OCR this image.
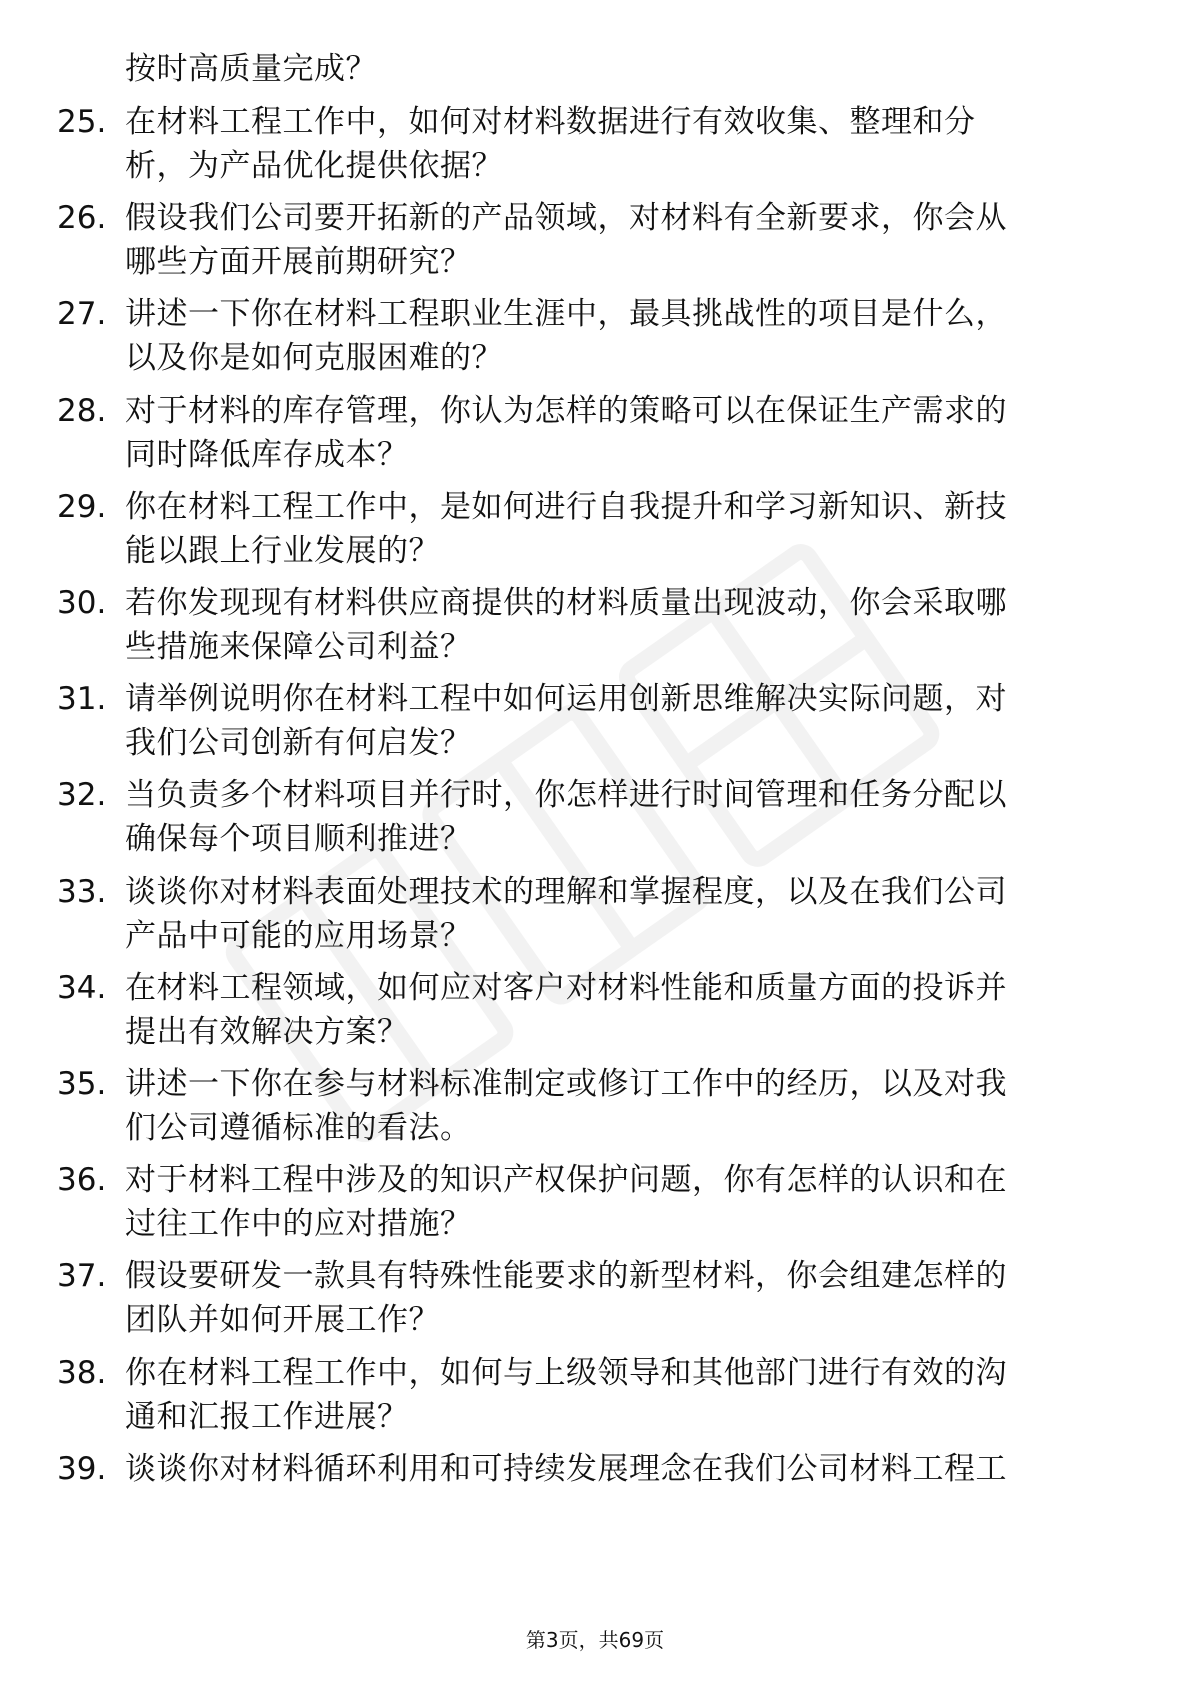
按时高质量完成？
25. 在材料工程工作中，如何对材料数据进行有效收集、整理和分
析，为产品优化提供依据？
26. 假设我们公司要开拓新的产品领域，对材料有全新要求，你会从
哪些方面开展前期研究？
27. 讲述一下你在材料工程职业生涯中，最具挑战性的项目是什么，
以及你是如何克服困难的？
28. 对于材料的库存管理，你认为怎样的策略可以在保证生产需求的
同时降低库存成本？
29. 你在材料工程工作中，是如何进行自我提升和学习新知识、新技
能以跟上行业发展的？
30. 若你发现现有材料供应商提供的材料质量出现波动，你会采取哪
些措施来保障公司利益？
31. 请举例说明你在材料工程中如何运用创新思维解决实际问题，对
我们公司创新有何启发？
32. 当负责多个材料项目并行时，你怎样进行时间管理和任务分配以
确保每个项目顺利推进？
33. 谈谈你对材料表面处理技术的理解和掌握程度，以及在我们公司
产品中可能的应用场景？
34. 在材料工程领域，如何应对客户对材料性能和质量方面的投诉并
提出有效解决方案？
35. 讲述一下你在参与材料标准制定或修订工作中的经历，以及对我
们公司遵循标准的看法。
36. 对于材料工程中涉及的知识产权保护问题，你有怎样的认识和在
过往工作中的应对措施？
37. 假设要研发一款具有特殊性能要求的新型材料，你会组建怎样的
团队并如何开展工作？
38. 你在材料工程工作中，如何与上级领导和其他部门进行有效的沟
通和汇报工作进展？
39. 谈谈你对材料循环利用和可持续发展理念在我们公司材料工程工
第3页，共69页
